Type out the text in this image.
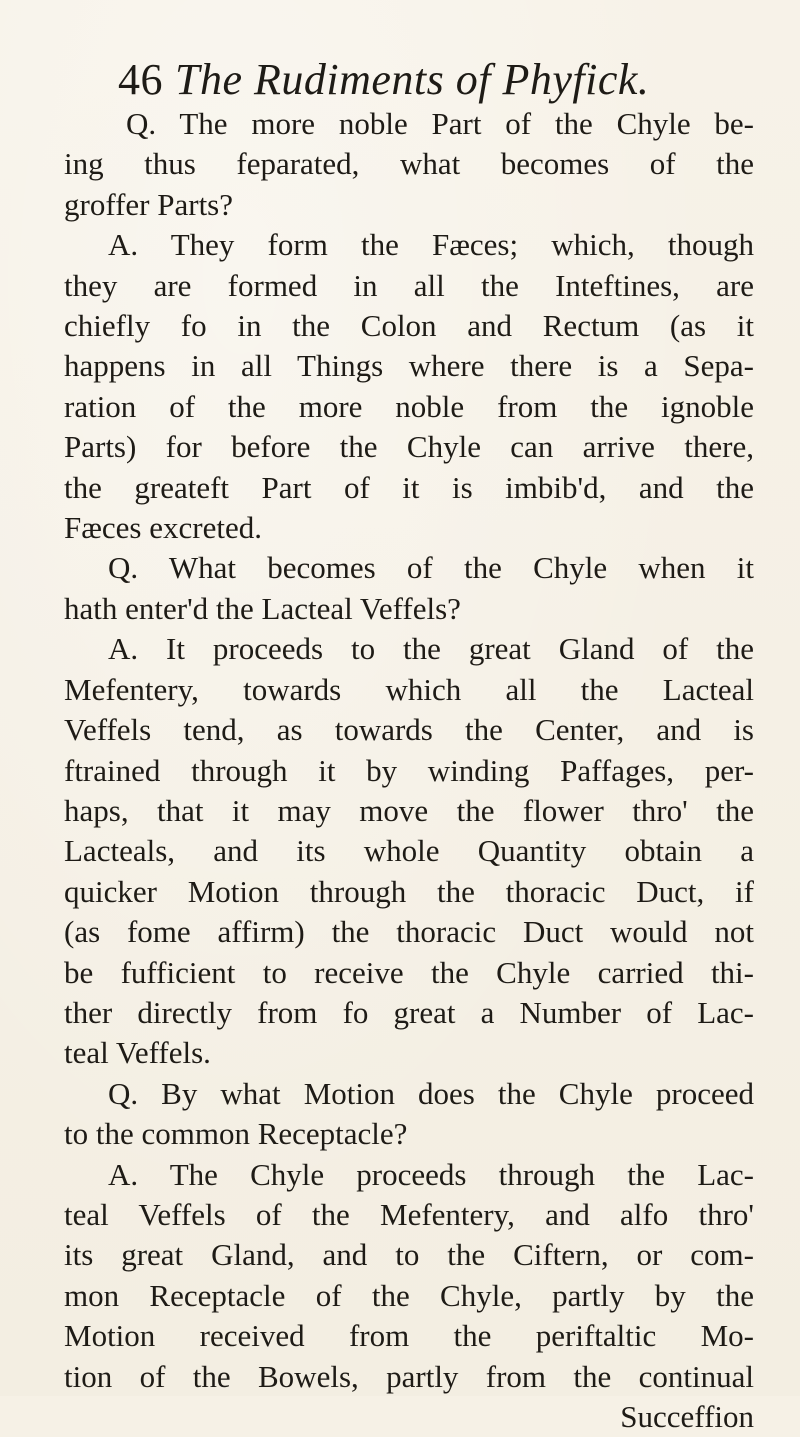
46 The Rudiments of Phyfick.
Q. The more noble Part of the Chyle be-
ing thus feparated, what becomes of the
groffer Parts?
A. They form the Fæces; which, though
they are formed in all the Inteftines, are
chiefly fo in the Colon and Rectum (as it
happens in all Things where there is a Sepa-
ration of the more noble from the ignoble
Parts) for before the Chyle can arrive there,
the greateft Part of it is imbib'd, and the
Fæces excreted.
Q. What becomes of the Chyle when it
hath enter'd the Lacteal Veffels?
A. It proceeds to the great Gland of the
Mefentery, towards which all the Lacteal
Veffels tend, as towards the Center, and is
ftrained through it by winding Paffages, per-
haps, that it may move the flower thro' the
Lacteals, and its whole Quantity obtain a
quicker Motion through the thoracic Duct, if
(as fome affirm) the thoracic Duct would not
be fufficient to receive the Chyle carried thi-
ther directly from fo great a Number of Lac-
teal Veffels.
Q. By what Motion does the Chyle proceed
to the common Receptacle?
A. The Chyle proceeds through the Lac-
teal Veffels of the Mefentery, and alfo thro'
its great Gland, and to the Ciftern, or com-
mon Receptacle of the Chyle, partly by the
Motion received from the periftaltic Mo-
tion of the Bowels, partly from the continual
Succeffion
